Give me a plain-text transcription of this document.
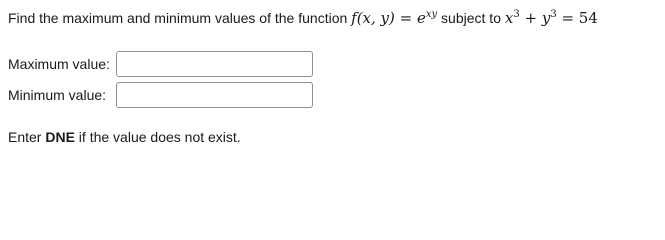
Find the maximum and minimum values of the function f(x, $y) = e^{xy}$ subject to $x^3 + y^3 = 54$
Maximum value:
Minimum value:
Enter DNE if the value does not exist.
